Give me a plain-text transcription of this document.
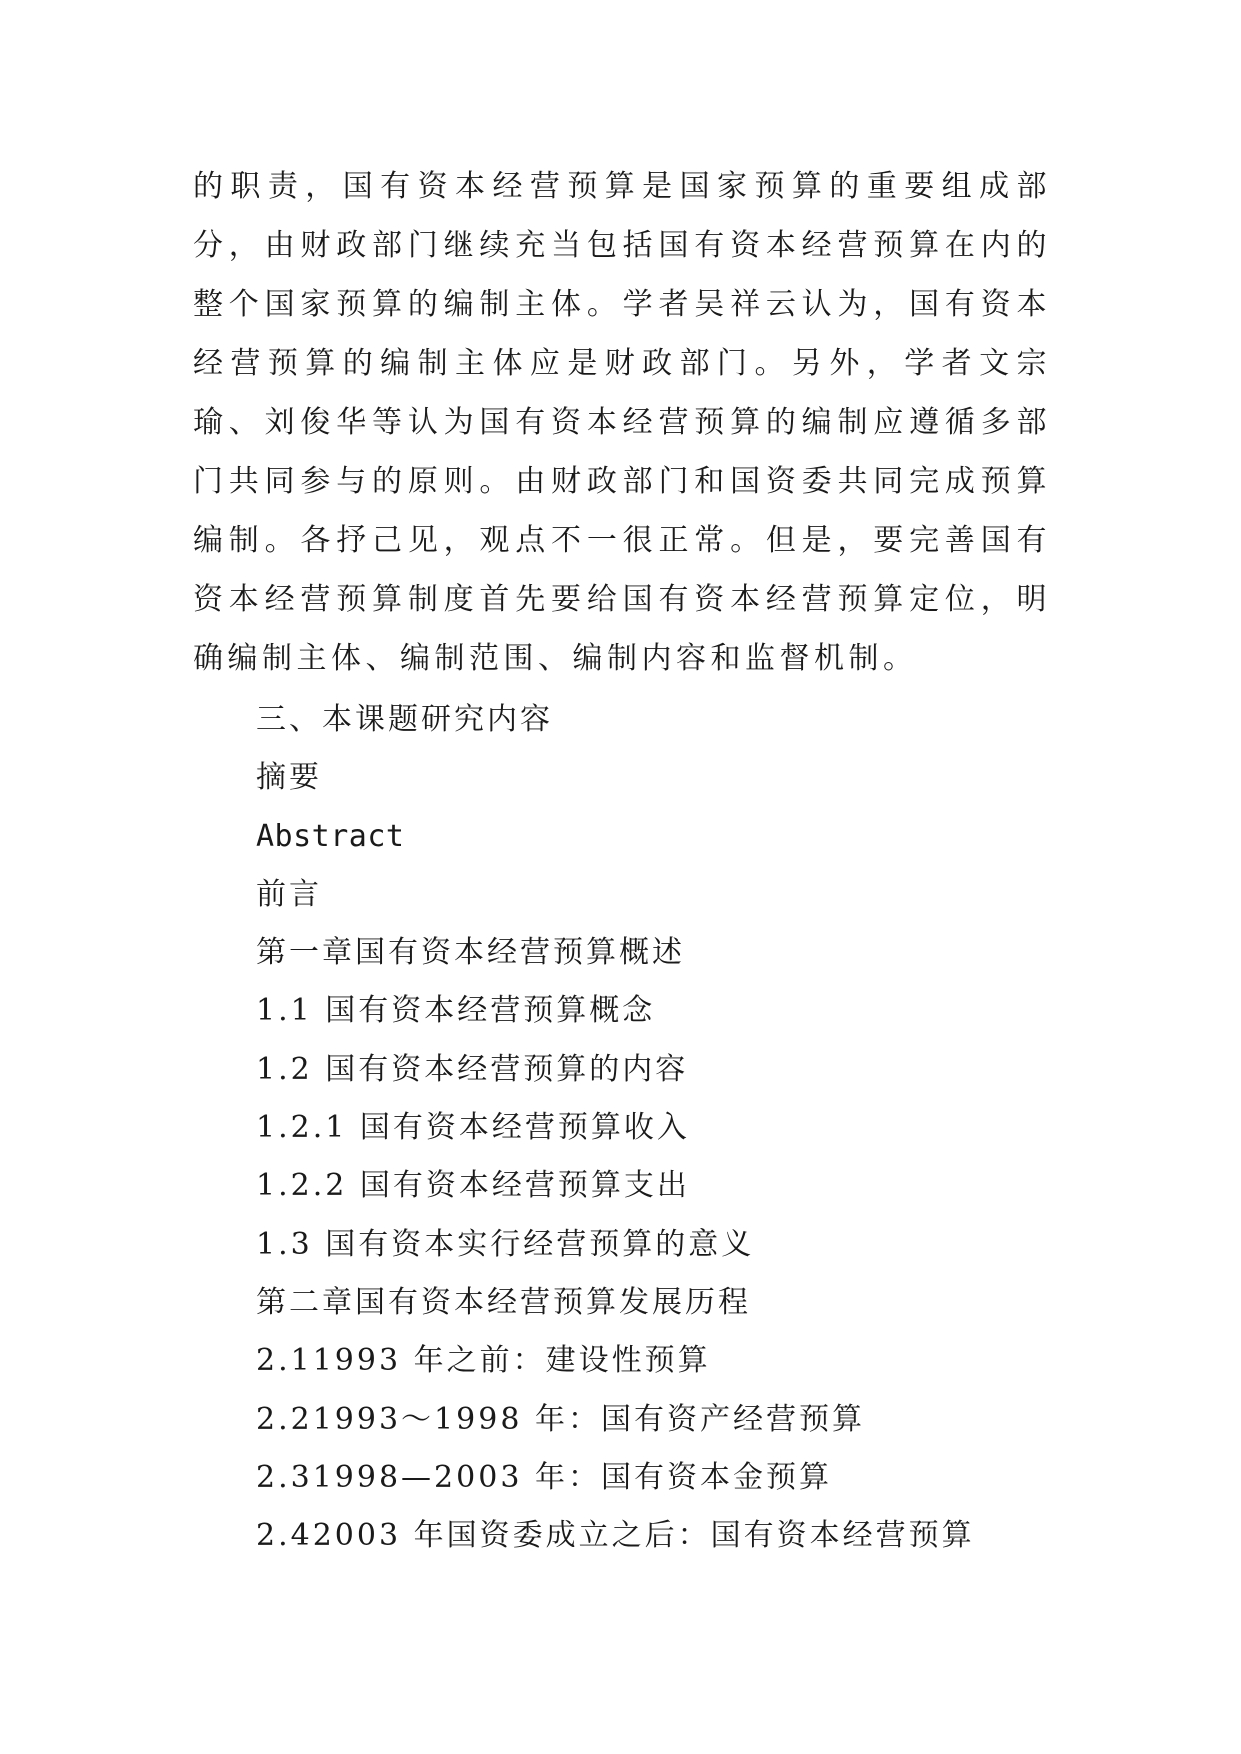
的职责，国有资本经营预算是国家预算的重要组成部分，由财政部门继续充当包括国有资本经营预算在内的整个国家预算的编制主体。学者吴祥云认为，国有资本经营预算的编制主体应是财政部门。另外，学者文宗瑜、刘俊华等认为国有资本经营预算的编制应遵循多部门共同参与的原则。由财政部门和国资委共同完成预算编制。各抒己见，观点不一很正常。但是，要完善国有资本经营预算制度首先要给国有资本经营预算定位，明确编制主体、编制范围、编制内容和监督机制。

三、本课题研究内容
摘要
Abstract
前言
第一章国有资本经营预算概述
1.1 国有资本经营预算概念
1.2 国有资本经营预算的内容
1.2.1 国有资本经营预算收入
1.2.2 国有资本经营预算支出
1.3 国有资本实行经营预算的意义
第二章国有资本经营预算发展历程
2.11993 年之前：建设性预算
2.21993～1998 年：国有资产经营预算
2.31998—2003 年：国有资本金预算
2.42003 年国资委成立之后：国有资本经营预算
